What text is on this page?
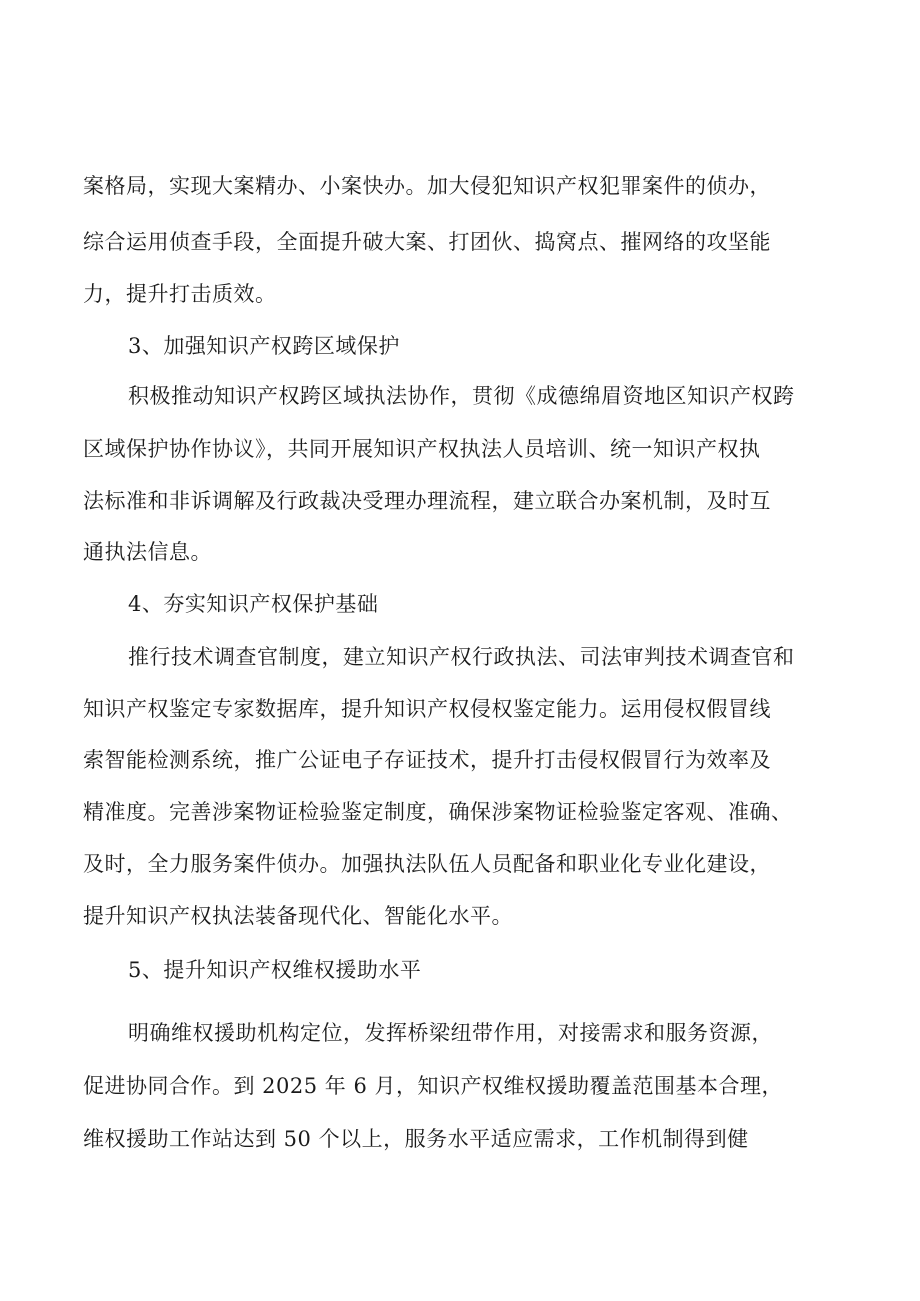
案格局，实现大案精办、小案快办。加大侵犯知识产权犯罪案件的侦办，
综合运用侦查手段，全面提升破大案、打团伙、捣窝点、摧网络的攻坚能
力，提升打击质效。
3、加强知识产权跨区域保护
积极推动知识产权跨区域执法协作，贯彻《成德绵眉资地区知识产权跨
区域保护协作协议》，共同开展知识产权执法人员培训、统一知识产权执
法标准和非诉调解及行政裁决受理办理流程，建立联合办案机制，及时互
通执法信息。
4、夯实知识产权保护基础
推行技术调查官制度，建立知识产权行政执法、司法审判技术调查官和
知识产权鉴定专家数据库，提升知识产权侵权鉴定能力。运用侵权假冒线
索智能检测系统，推广公证电子存证技术，提升打击侵权假冒行为效率及
精准度。完善涉案物证检验鉴定制度，确保涉案物证检验鉴定客观、准确、
及时，全力服务案件侦办。加强执法队伍人员配备和职业化专业化建设，
提升知识产权执法装备现代化、智能化水平。
5、提升知识产权维权援助水平
明确维权援助机构定位，发挥桥梁纽带作用，对接需求和服务资源，
促进协同合作。到 2025 年 6 月，知识产权维权援助覆盖范围基本合理，
维权援助工作站达到 50 个以上，服务水平适应需求，工作机制得到健
